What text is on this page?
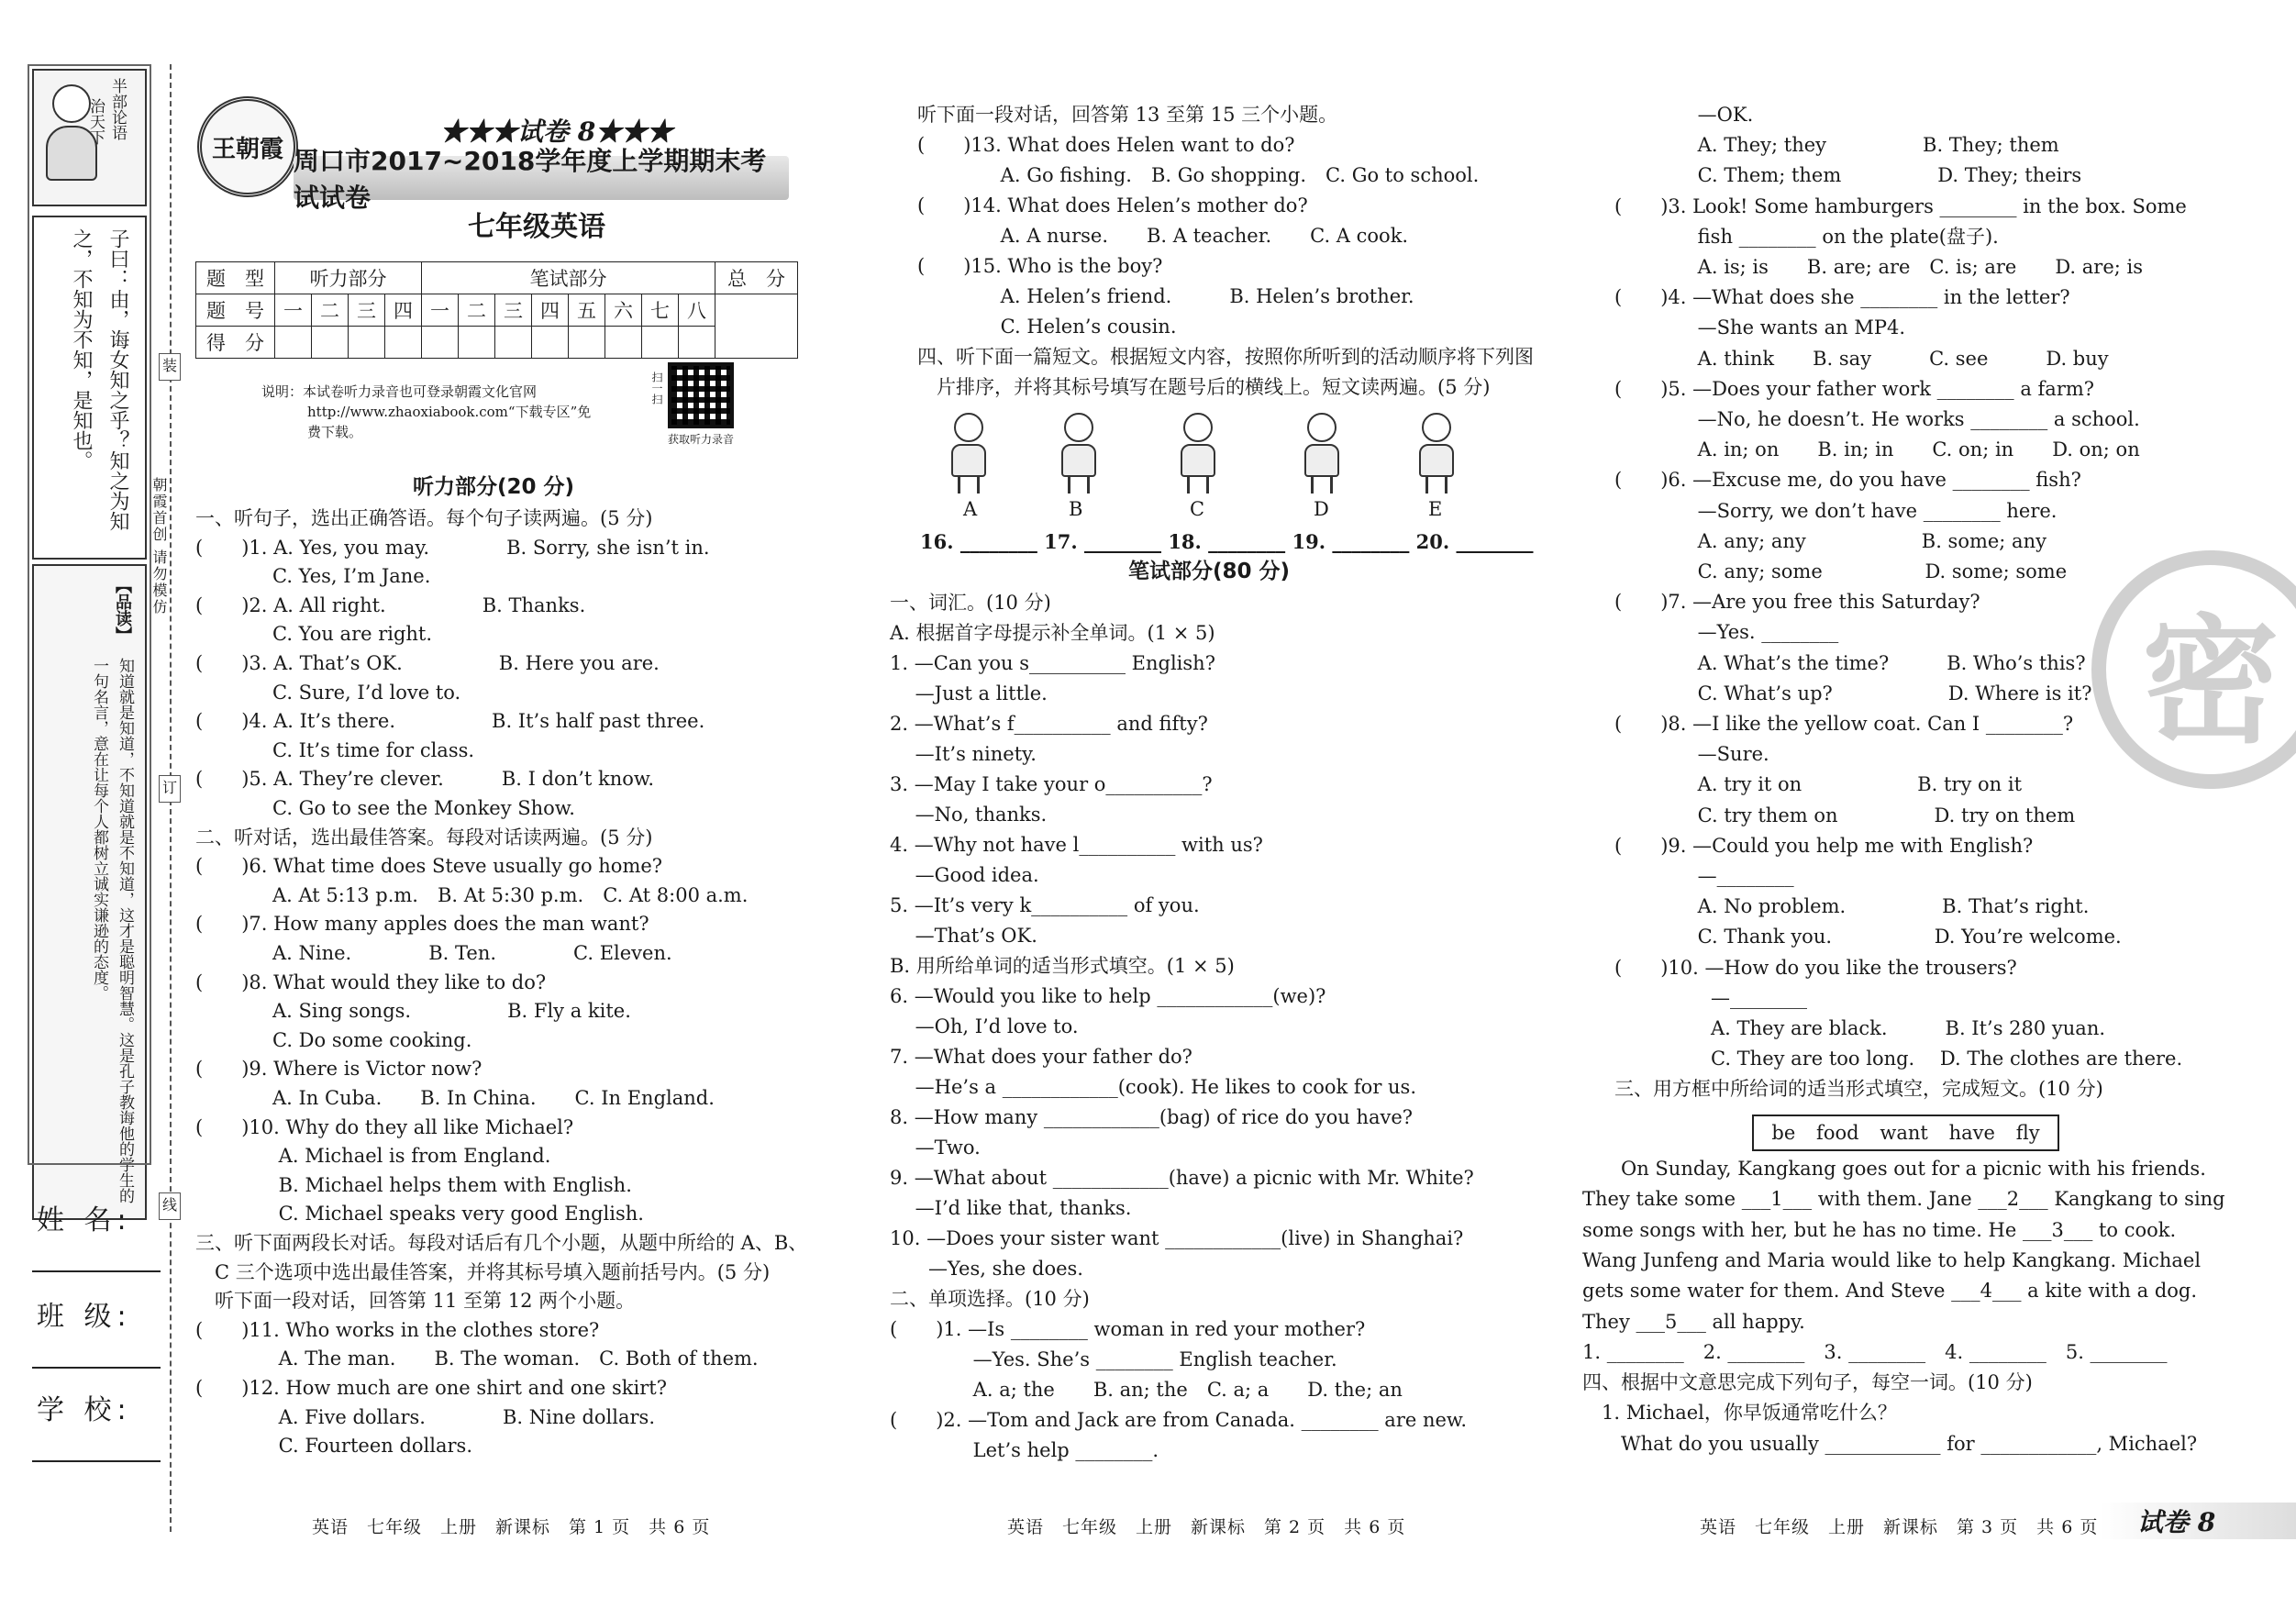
半部论语
治天下
子曰：由，诲女知之乎？知之为知之，不知为不知，是知也。
【品读】
知道就是知道，不知道就是不知道，这才是聪明智慧。这是孔子教诲他的学生的一句名言，意在让每个人都树立诚实谦逊的态度。
朝霞首创 请勿模仿
装
订
线
姓 名:
班 级:
学 校:
王朝霞
★★★试卷 8★★★
周口市2017~2018学年度上学期期末考试试卷
七年级英语
题　型	听力部分				笔试部分								总　分
题　号	一	二	三	四	一	二	三	四	五	六	七	八	
得　分													
说明：本试卷听力录音也可登录朝霞文化官网
http://www.zhaoxiabook.com“下载专区”免
费下载。
扫一扫
获取听力录音
听力部分(20 分)
一、听句子，选出正确答语。每个句子读两遍。(5 分)
(　　)1. A. Yes, you may.　　　　B. Sorry, she isn’t in.
　　　　C. Yes, I’m Jane.
(　　)2. A. All right.　　　　　B. Thanks.
　　　　C. You are right.
(　　)3. A. That’s OK.　　　　　B. Here you are.
　　　　C. Sure, I’d love to.
(　　)4. A. It’s there.　　　　　B. It’s half past three.
　　　　C. It’s time for class.
(　　)5. A. They’re clever.　　　B. I don’t know.
　　　　C. Go to see the Monkey Show.
二、听对话，选出最佳答案。每段对话读两遍。(5 分)
(　　)6. What time does Steve usually go home?
　　　　A. At 5:13 p.m.　B. At 5:30 p.m.　C. At 8:00 a.m.
(　　)7. How many apples does the man want?
　　　　A. Nine.　　　　B. Ten.　　　　C. Eleven.
(　　)8. What would they like to do?
　　　　A. Sing songs.　　　　　B. Fly a kite.
　　　　C. Do some cooking.
(　　)9. Where is Victor now?
　　　　A. In Cuba.　　B. In China.　　C. In England.
(　　)10. Why do they all like Michael?
　　　　 A. Michael is from England.
　　　　 B. Michael helps them with English.
　　　　 C. Michael speaks very good English.
三、听下面两段长对话。每段对话后有几个小题，从题中所给的 A、B、
　C 三个选项中选出最佳答案，并将其标号填入题前括号内。(5 分)
　听下面一段对话，回答第 11 至第 12 两个小题。
(　　)11. Who works in the clothes store?
　　　　 A. The man.　　B. The woman.　C. Both of them.
(　　)12. How much are one shirt and one skirt?
　　　　 A. Five dollars.　　　　B. Nine dollars.
　　　　 C. Fourteen dollars.
英语　七年级　上册　新课标　第 1 页　共 6 页
听下面一段对话，回答第 13 至第 15 三个小题。
(　　)13. What does Helen want to do?
　　　　 A. Go fishing.　B. Go shopping.　C. Go to school.
(　　)14. What does Helen’s mother do?
　　　　 A. A nurse.　　B. A teacher.　　C. A cook.
(　　)15. Who is the boy?
　　　　 A. Helen’s friend.　　　B. Helen’s brother.
　　　　 C. Helen’s cousin.
四、听下面一篇短文。根据短文内容，按照你所听到的活动顺序将下列图
　片排序，并将其标号填写在题号后的横线上。短文读两遍。(5 分)
A	B	C	D	E
16. ________ 17. ________ 18. ________ 19. ________ 20. ________
笔试部分(80 分)
一、词汇。(10 分)
A. 根据首字母提示补全单词。(1 × 5)
1. —Can you s__________ English?
　 —Just a little.
2. —What’s f__________ and fifty?
　 —It’s ninety.
3. —May I take your o__________?
　 —No, thanks.
4. —Why not have l__________ with us?
　 —Good idea.
5. —It’s very k__________ of you.
　 —That’s OK.
B. 用所给单词的适当形式填空。(1 × 5)
6. —Would you like to help ____________(we)?
　 —Oh, I’d love to.
7. —What does your father do?
　 —He’s a ____________(cook). He likes to cook for us.
8. —How many ____________(bag) of rice do you have?
　 —Two.
9. —What about ____________(have) a picnic with Mr. White?
　 —I’d like that, thanks.
10. —Does your sister want ____________(live) in Shanghai?
　　—Yes, she does.
二、单项选择。(10 分)
(　　)1. —Is ________ woman in red your mother?
　　　　 —Yes. She’s ________ English teacher.
　　　　 A. a; the　　B. an; the　C. a; a　　D. the; an
(　　)2. —Tom and Jack are from Canada. ________ are new.
　　　　 Let’s help ________.
英语　七年级　上册　新课标　第 2 页　共 6 页
密
　　　　 —OK.
　　　　 A. They; they　　　　　B. They; them
　　　　 C. Them; them　　　　　D. They; theirs
(　　)3. Look! Some hamburgers ________ in the box. Some
　　　　 fish ________ on the plate(盘子).
　　　　 A. is; is　　B. are; are　C. is; are　　D. are; is
(　　)4. —What does she ________ in the letter?
　　　　 —She wants an MP4.
　　　　 A. think　　B. say　　　C. see　　　D. buy
(　　)5. —Does your father work ________ a farm?
　　　　 —No, he doesn’t. He works ________ a school.
　　　　 A. in; on　　B. in; in　　C. on; in　　D. on; on
(　　)6. —Excuse me, do you have ________ fish?
　　　　 —Sorry, we don’t have ________ here.
　　　　 A. any; any　　　　　　B. some; any
　　　　 C. any; some　　　　　 D. some; some
(　　)7. —Are you free this Saturday?
　　　　 —Yes. ________
　　　　 A. What’s the time?　　　B. Who’s this?
　　　　 C. What’s up?　　　　　　D. Where is it?
(　　)8. —I like the yellow coat. Can I ________?
　　　　 —Sure.
　　　　 A. try it on　　　　　　B. try on it
　　　　 C. try them on　　　　　D. try on them
(　　)9. —Could you help me with English?
　　　　 —________
　　　　 A. No problem.　　　　　B. That’s right.
　　　　 C. Thank you.　　　　　 D. You’re welcome.
(　　)10. —How do you like the trousers?
　　　　　—________
　　　　　A. They are black.　　　B. It’s 280 yuan.
　　　　　C. They are too long.　 D. The clothes are there.
三、用方框中所给词的适当形式填空，完成短文。(10 分)
be food want have fly
　　On Sunday, Kangkang goes out for a picnic with his friends.
They take some ___1___ with them. Jane ___2___ Kangkang to sing
some songs with her, but he has no time. He ___3___ to cook.
Wang Junfeng and Maria would like to help Kangkang. Michael
gets some water for them. And Steve ___4___ a kite with a dog.
They ___5___ all happy.
1. ________　2. ________　3. ________　4. ________　5. ________
四、根据中文意思完成下列句子，每空一词。(10 分)
　1. Michael，你早饭通常吃什么？
　　What do you usually ____________ for ____________, Michael?
英语　七年级　上册　新课标　第 3 页　共 6 页 试卷 8
